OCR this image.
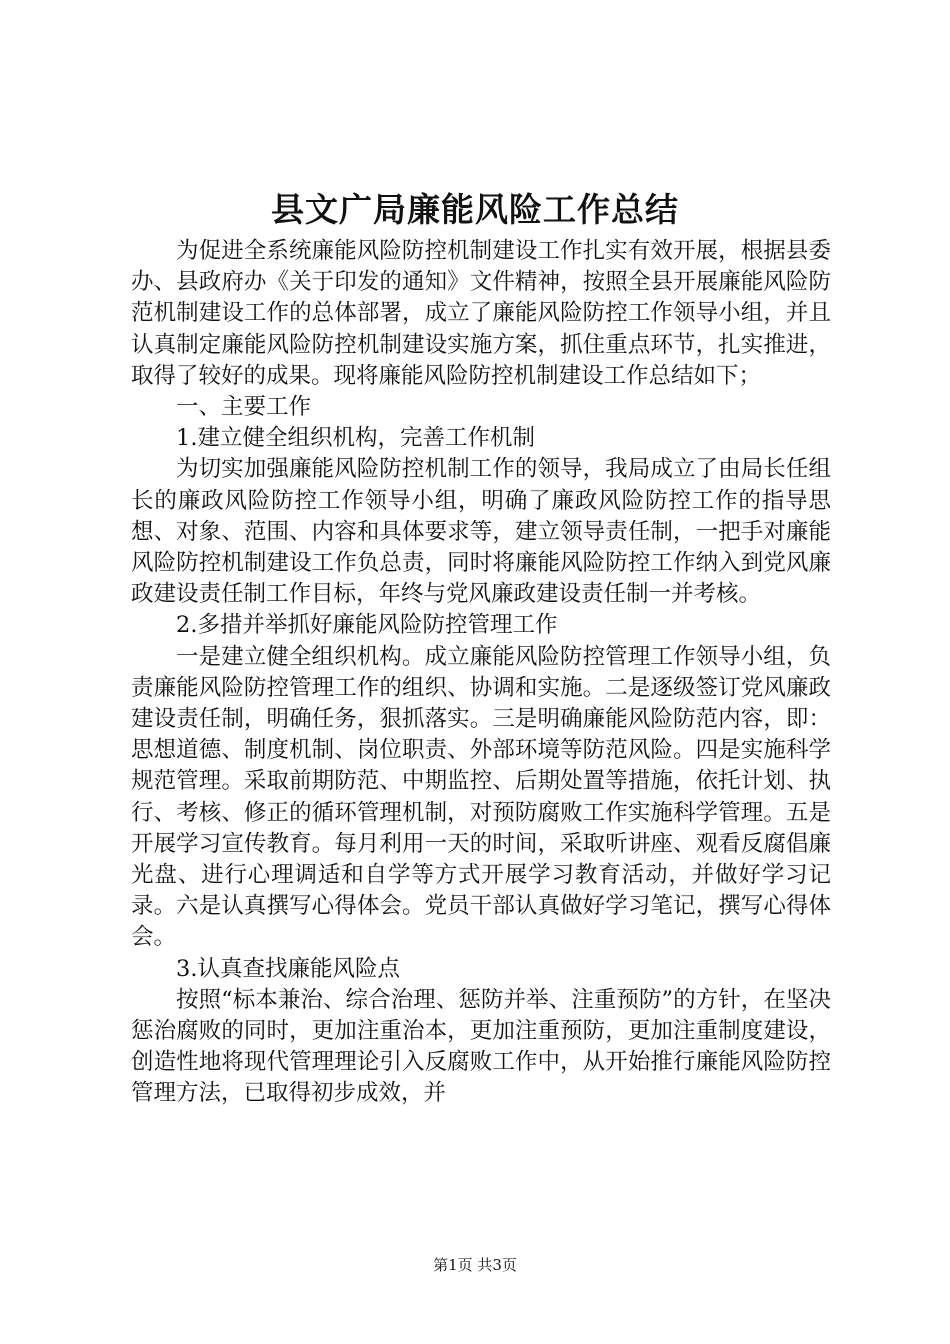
县文广局廉能风险工作总结

为促进全系统廉能风险防控机制建设工作扎实有效开展，根据县委办、县政府办《关于印发的通知》文件精神，按照全县开展廉能风险防范机制建设工作的总体部署，成立了廉能风险防控工作领导小组，并且认真制定廉能风险防控机制建设实施方案，抓住重点环节，扎实推进，取得了较好的成果。现将廉能风险防控机制建设工作总结如下；

一、主要工作

1.建立健全组织机构，完善工作机制

为切实加强廉能风险防控机制工作的领导，我局成立了由局长任组长的廉政风险防控工作领导小组，明确了廉政风险防控工作的指导思想、对象、范围、内容和具体要求等，建立领导责任制，一把手对廉能风险防控机制建设工作负总责，同时将廉能风险防控工作纳入到党风廉政建设责任制工作目标，年终与党风廉政建设责任制一并考核。

2.多措并举抓好廉能风险防控管理工作

一是建立健全组织机构。成立廉能风险防控管理工作领导小组，负责廉能风险防控管理工作的组织、协调和实施。二是逐级签订党风廉政建设责任制，明确任务，狠抓落实。三是明确廉能风险防范内容，即：思想道德、制度机制、岗位职责、外部环境等防范风险。四是实施科学规范管理。采取前期防范、中期监控、后期处置等措施，依托计划、执行、考核、修正的循环管理机制，对预防腐败工作实施科学管理。五是开展学习宣传教育。每月利用一天的时间，采取听讲座、观看反腐倡廉光盘、进行心理调适和自学等方式开展学习教育活动，并做好学习记录。六是认真撰写心得体会。党员干部认真做好学习笔记，撰写心得体会。

3.认真查找廉能风险点

按照“标本兼治、综合治理、惩防并举、注重预防”的方针，在坚决惩治腐败的同时，更加注重治本，更加注重预防，更加注重制度建设，创造性地将现代管理理论引入反腐败工作中，从开始推行廉能风险防控管理方法，已取得初步成效，并

第1页 共3页
